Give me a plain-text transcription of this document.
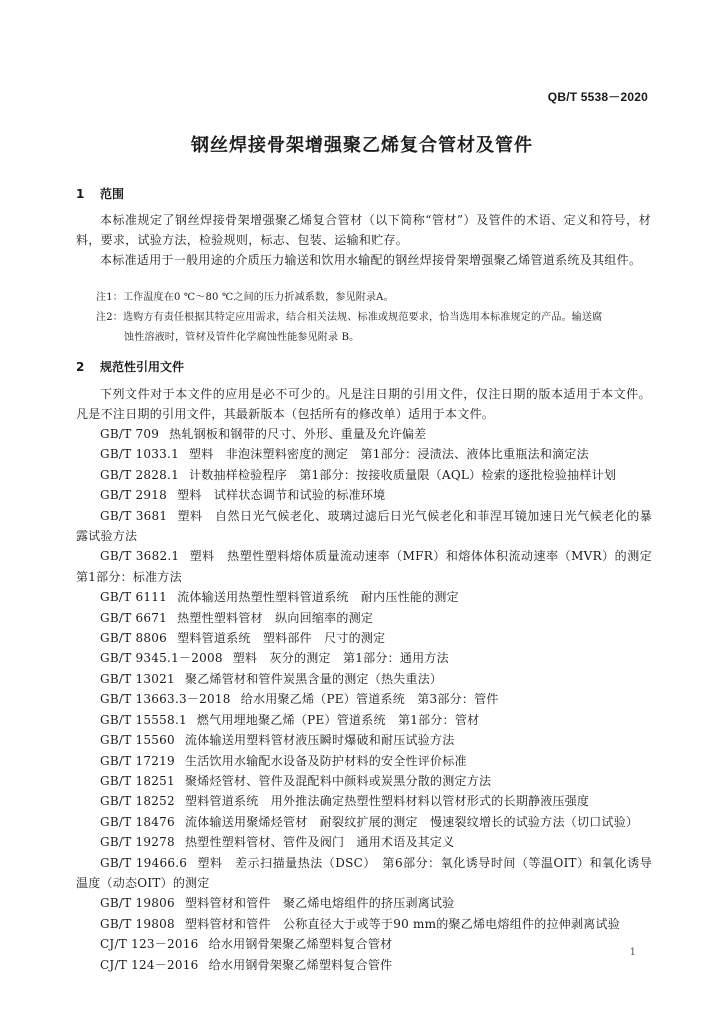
QB/T 5538－2020
钢丝焊接骨架增强聚乙烯复合管材及管件
1 范围
本标准规定了钢丝焊接骨架增强聚乙烯复合管材（以下简称“管材”）及管件的术语、定义和符号，材料，要求，试验方法，检验规则，标志、包装、运输和贮存。
本标准适用于一般用途的介质压力输送和饮用水输配的钢丝焊接骨架增强聚乙烯管道系统及其组件。
注1：工作温度在0 ℃～80 ℃之间的压力折减系数，参见附录A。
注2：选购方有责任根据其特定应用需求，结合相关法规、标准或规范要求，恰当选用本标准规定的产品。输送腐
蚀性溶液时，管材及管件化学腐蚀性能参见附录 B。
2 规范性引用文件
下列文件对于本文件的应用是必不可少的。凡是注日期的引用文件，仅注日期的版本适用于本文件。凡是不注日期的引用文件，其最新版本（包括所有的修改单）适用于本文件。
GB/T 709 热轧钢板和钢带的尺寸、外形、重量及允许偏差
GB/T 1033.1 塑料　非泡沫塑料密度的测定　第1部分：浸渍法、液体比重瓶法和滴定法
GB/T 2828.1 计数抽样检验程序　第1部分：按接收质量限（AQL）检索的逐批检验抽样计划
GB/T 2918 塑料　试样状态调节和试验的标准环境
GB/T 3681 塑料　自然日光气候老化、玻璃过滤后日光气候老化和菲涅耳镜加速日光气候老化的暴露试验方法
GB/T 3682.1 塑料　热塑性塑料熔体质量流动速率（MFR）和熔体体积流动速率（MVR）的测定　第1部分：标准方法
GB/T 6111 流体输送用热塑性塑料管道系统　耐内压性能的测定
GB/T 6671 热塑性塑料管材　纵向回缩率的测定
GB/T 8806 塑料管道系统　塑料部件　尺寸的测定
GB/T 9345.1－2008 塑料　灰分的测定　第1部分：通用方法
GB/T 13021 聚乙烯管材和管件炭黑含量的测定（热失重法）
GB/T 13663.3－2018 给水用聚乙烯（PE）管道系统　第3部分：管件
GB/T 15558.1 燃气用埋地聚乙烯（PE）管道系统　第1部分：管材
GB/T 15560 流体输送用塑料管材液压瞬时爆破和耐压试验方法
GB/T 17219 生活饮用水输配水设备及防护材料的安全性评价标准
GB/T 18251 聚烯烃管材、管件及混配料中颜料或炭黑分散的测定方法
GB/T 18252 塑料管道系统　用外推法确定热塑性塑料材料以管材形式的长期静液压强度
GB/T 18476 流体输送用聚烯烃管材　耐裂纹扩展的测定　慢速裂纹增长的试验方法（切口试验）
GB/T 19278 热塑性塑料管材、管件及阀门　通用术语及其定义
GB/T 19466.6 塑料　差示扫描量热法（DSC）　第6部分：氧化诱导时间（等温OIT）和氧化诱导温度（动态OIT）的测定
GB/T 19806 塑料管材和管件　聚乙烯电熔组件的挤压剥离试验
GB/T 19808 塑料管材和管件　公称直径大于或等于90 mm的聚乙烯电熔组件的拉伸剥离试验
CJ/T 123－2016 给水用钢骨架聚乙烯塑料复合管材
CJ/T 124－2016 给水用钢骨架聚乙烯塑料复合管件
1
